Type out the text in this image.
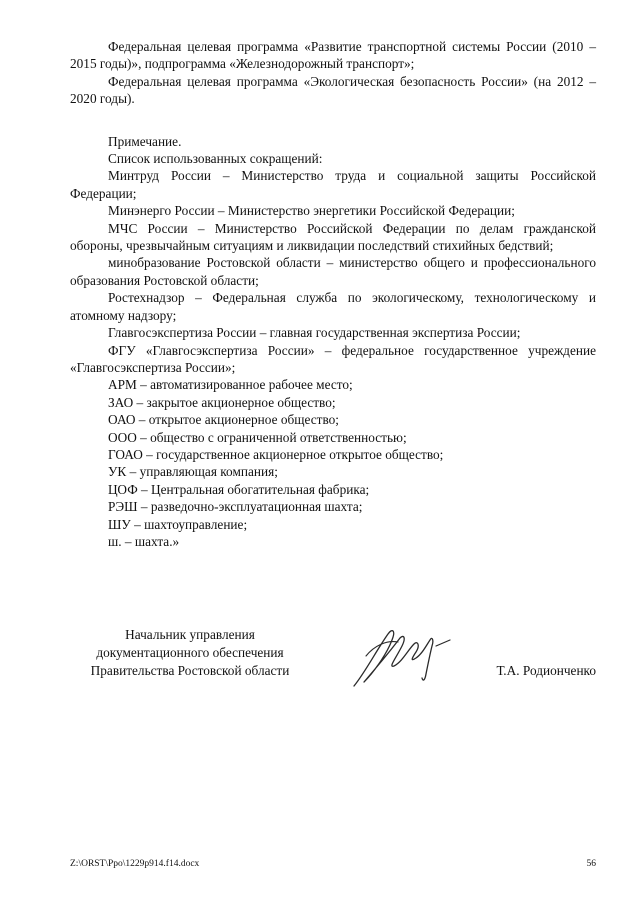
Федеральная целевая программа «Развитие транспортной системы России (2010 – 2015 годы)», подпрограмма «Железнодорожный транспорт»;

Федеральная целевая программа «Экологическая безопасность России» (на 2012 – 2020 годы).

Примечание.

Список использованных сокращений:

Минтруд России – Министерство труда и социальной защиты Российской Федерации;

Минэнерго России – Министерство энергетики Российской Федерации;

МЧС России – Министерство Российской Федерации по делам гражданской обороны, чрезвычайным ситуациям и ликвидации последствий стихийных бедствий;

минобразование Ростовской области – министерство общего и профессионального образования Ростовской области;

Ростехнадзор – Федеральная служба по экологическому, технологическому и атомному надзору;

Главгосэкспертиза России – главная государственная экспертиза России;

ФГУ «Главгосэкспертиза России» – федеральное государственное учреждение «Главгосэкспертиза России»;

АРМ – автоматизированное рабочее место;

ЗАО – закрытое акционерное общество;

ОАО – открытое акционерное общество;

ООО – общество с ограниченной ответственностью;

ГОАО – государственное акционерное открытое общество;

УК – управляющая компания;

ЦОФ – Центральная обогатительная фабрика;

РЭШ – разведочно-эксплуатационная шахта;

ШУ – шахтоуправление;

ш. – шахта.»

Начальник управления
документационного обеспечения
Правительства Ростовской области	Т.А. Родионченко
Z:\ORST\Ppo\1229p914.f14.docx	56
